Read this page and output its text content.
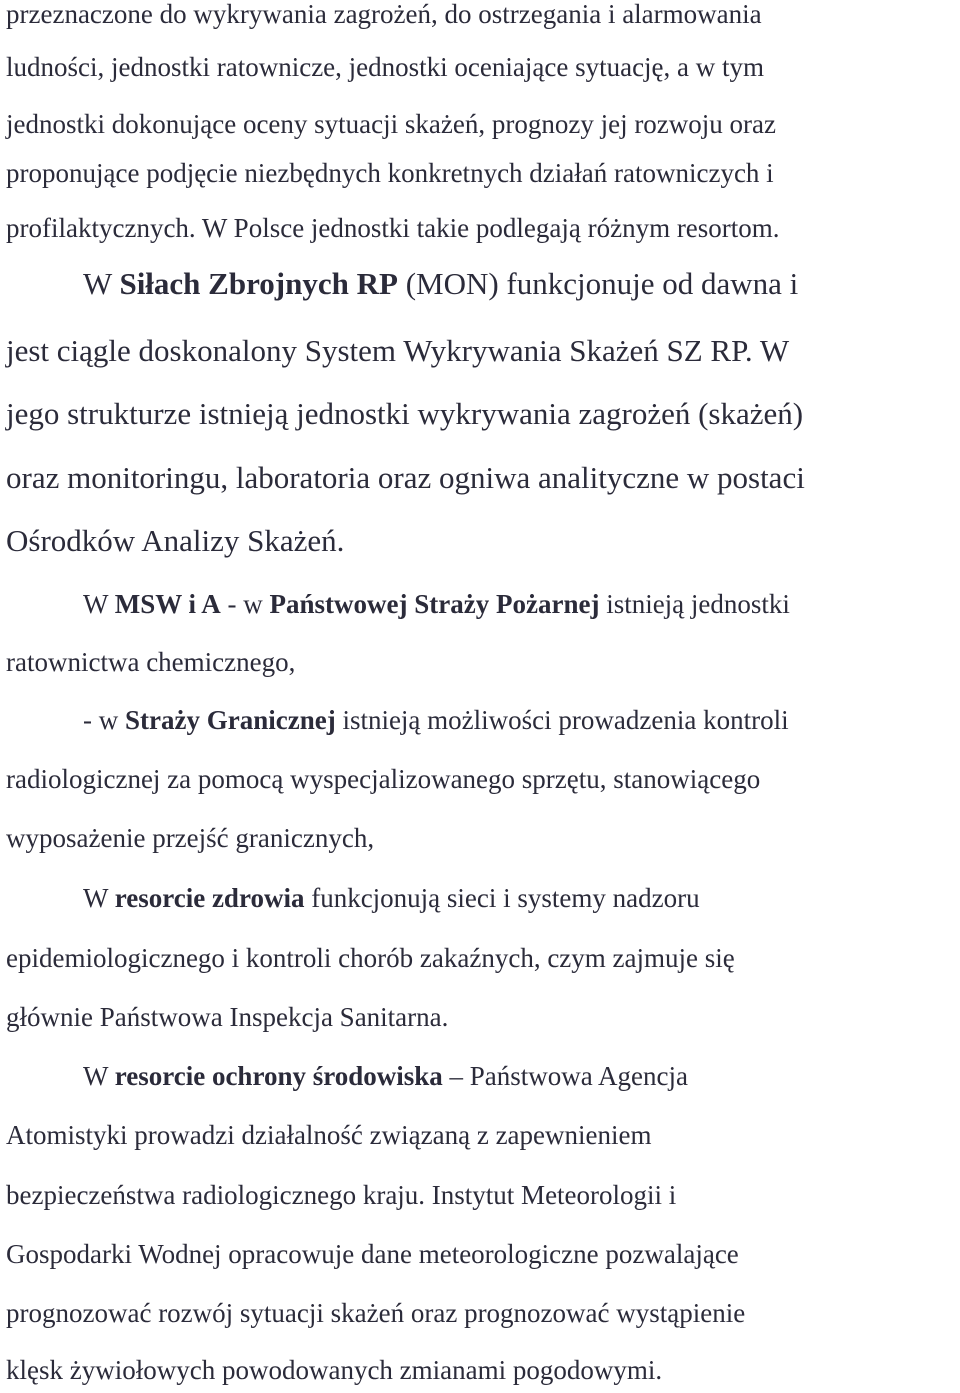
przeznaczone do wykrywania zagrożeń, do ostrzegania i alarmowania

ludności, jednostki ratownicze, jednostki oceniające sytuację, a w tym

jednostki dokonujące oceny sytuacji skażeń, prognozy jej rozwoju oraz

proponujące podjęcie niezbędnych konkretnych działań ratowniczych i

profilaktycznych. W Polsce jednostki takie podlegają różnym resortom.

W Siłach Zbrojnych RP (MON) funkcjonuje od dawna i

jest ciągle doskonalony System Wykrywania Skażeń SZ RP. W

jego strukturze istnieją jednostki wykrywania zagrożeń (skażeń)

oraz monitoringu, laboratoria oraz ogniwa analityczne w postaci

Ośrodków Analizy Skażeń.

W MSW i A - w Państwowej Straży Pożarnej istnieją jednostki

ratownictwa chemicznego,

- w Straży Granicznej istnieją możliwości prowadzenia kontroli

radiologicznej za pomocą wyspecjalizowanego sprzętu, stanowiącego

wyposażenie przejść granicznych,

W resorcie zdrowia funkcjonują sieci i systemy nadzoru

epidemiologicznego i kontroli chorób zakaźnych, czym zajmuje się

głównie Państwowa Inspekcja Sanitarna.

W resorcie ochrony środowiska – Państwowa Agencja

Atomistyki prowadzi działalność związaną z zapewnieniem

bezpieczeństwa radiologicznego kraju. Instytut Meteorologii i

Gospodarki Wodnej opracowuje dane meteorologiczne pozwalające

prognozować rozwój sytuacji skażeń oraz prognozować wystąpienie

klęsk żywiołowych powodowanych zmianami pogodowymi.
